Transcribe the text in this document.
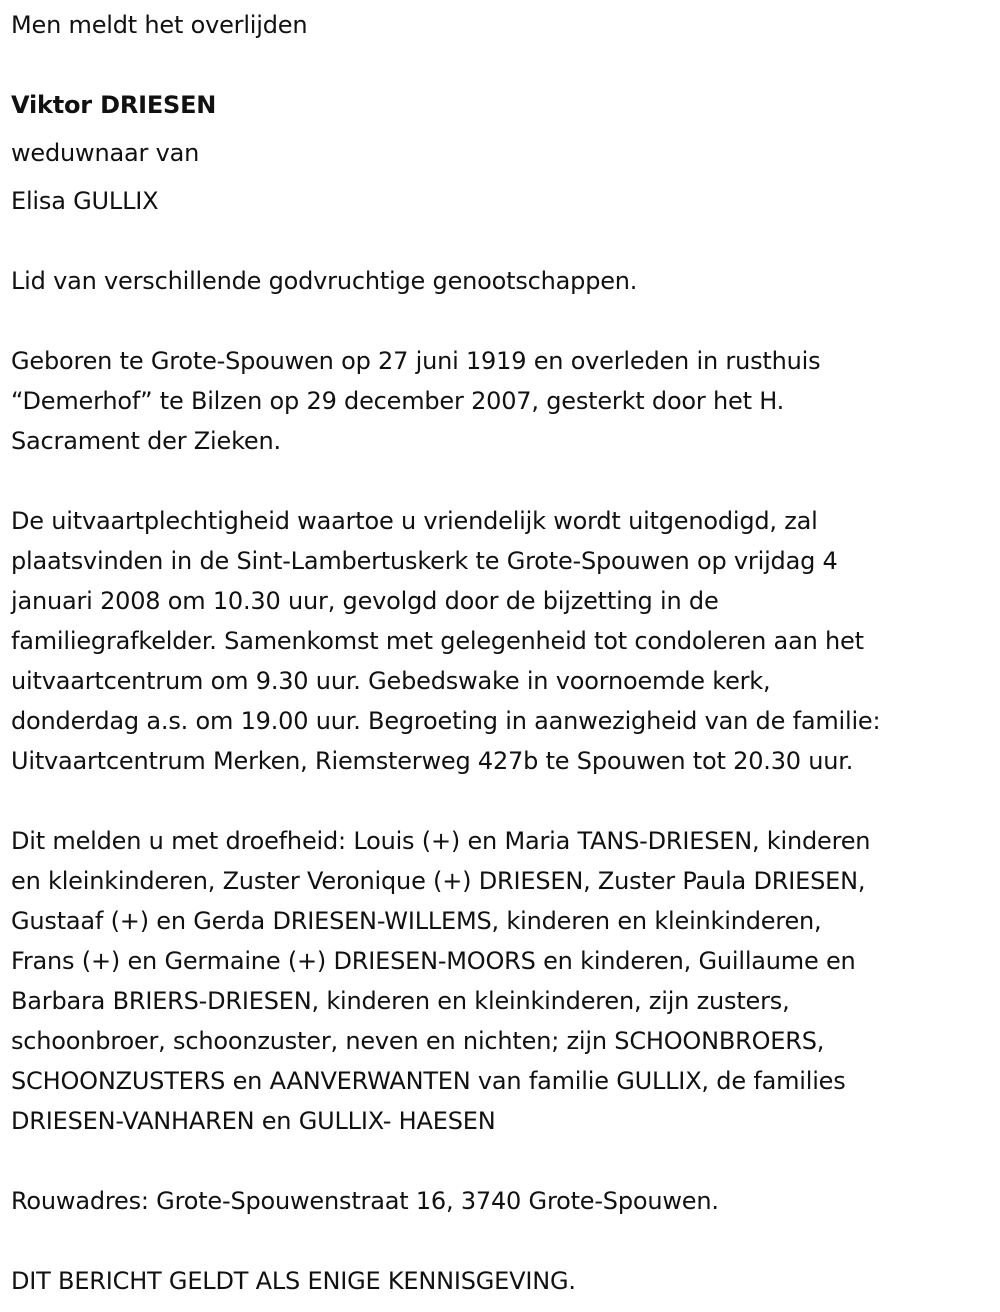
Men meldt het overlijden
Viktor DRIESEN
weduwnaar van
Elisa GULLIX
Lid van verschillende godvruchtige genootschappen.
Geboren te Grote-Spouwen op 27 juni 1919 en overleden in rusthuis
“Demerhof” te Bilzen op 29 december 2007, gesterkt door het H.
Sacrament der Zieken.
De uitvaartplechtigheid waartoe u vriendelijk wordt uitgenodigd, zal
plaatsvinden in de Sint-Lambertuskerk te Grote-Spouwen op vrijdag 4
januari 2008 om 10.30 uur, gevolgd door de bijzetting in de
familiegrafkelder. Samenkomst met gelegenheid tot condoleren aan het
uitvaartcentrum om 9.30 uur. Gebedswake in voornoemde kerk,
donderdag a.s. om 19.00 uur. Begroeting in aanwezigheid van de familie:
Uitvaartcentrum Merken, Riemsterweg 427b te Spouwen tot 20.30 uur.
Dit melden u met droefheid: Louis (+) en Maria TANS-DRIESEN, kinderen
en kleinkinderen, Zuster Veronique (+) DRIESEN, Zuster Paula DRIESEN,
Gustaaf (+) en Gerda DRIESEN-WILLEMS, kinderen en kleinkinderen,
Frans (+) en Germaine (+) DRIESEN-MOORS en kinderen, Guillaume en
Barbara BRIERS-DRIESEN, kinderen en kleinkinderen, zijn zusters,
schoonbroer, schoonzuster, neven en nichten; zijn SCHOONBROERS,
SCHOONZUSTERS en AANVERWANTEN van familie GULLIX, de families
DRIESEN-VANHAREN en GULLIX- HAESEN
Rouwadres: Grote-Spouwenstraat 16, 3740 Grote-Spouwen.
DIT BERICHT GELDT ALS ENIGE KENNISGEVING.
